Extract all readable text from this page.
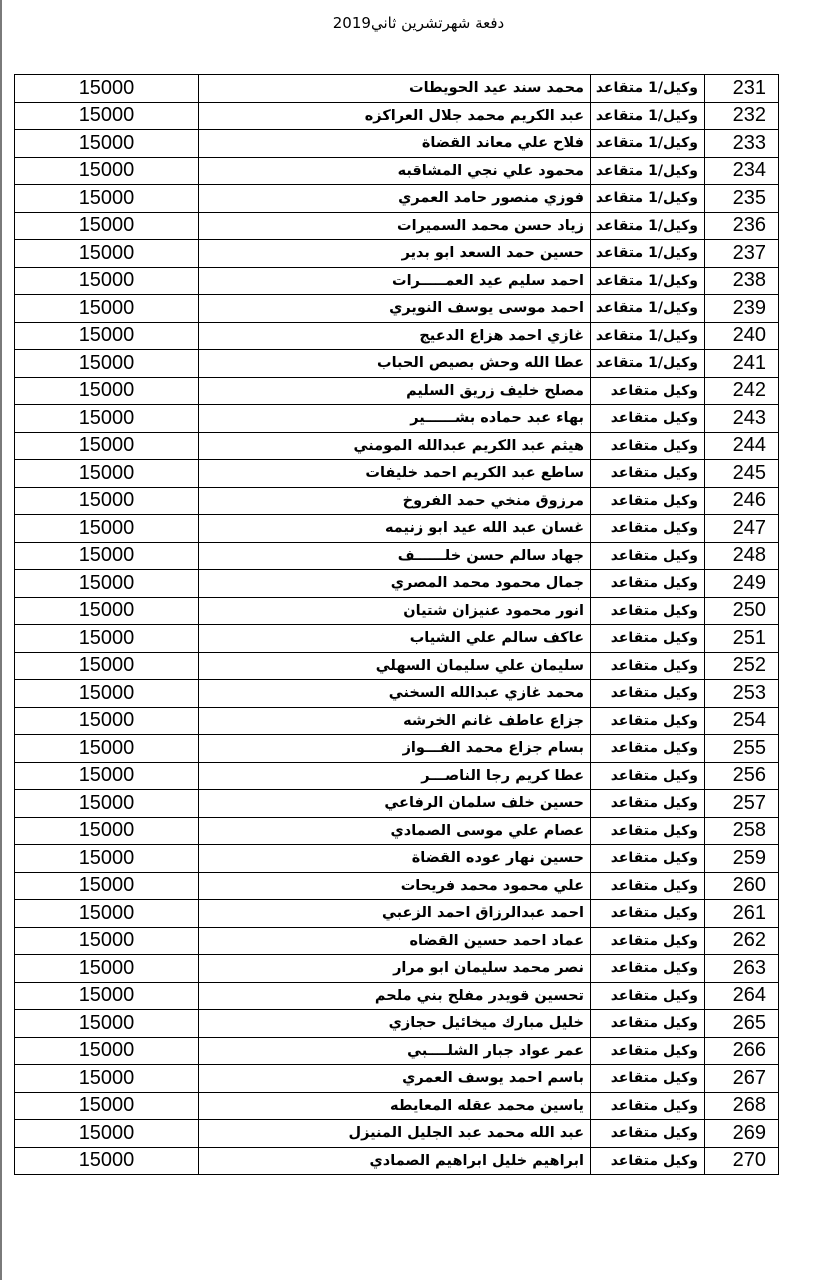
دفعة شهرتشرين ثاني2019
231	وكيل/1 متقاعد	محمد سند عيد الحويطات	15000
232	وكيل/1 متقاعد	عبد الكريم محمد جلال العراكزه	15000
233	وكيل/1 متقاعد	فلاح علي معاند القضاة	15000
234	وكيل/1 متقاعد	محمود علي نجي المشاقبه	15000
235	وكيل/1 متقاعد	فوزي منصور حامد العمري	15000
236	وكيل/1 متقاعد	زياد حسن محمد السميرات	15000
237	وكيل/1 متقاعد	حسين حمد السعد ابو بدير	15000
238	وكيل/1 متقاعد	احمد سليم عيد العمـــــرات	15000
239	وكيل/1 متقاعد	احمد موسى يوسف النويري	15000
240	وكيل/1 متقاعد	غازي احمد هزاع الدعيج	15000
241	وكيل/1 متقاعد	عطا الله وحش بصيص الحباب	15000
242	وكيل متقاعد	مصلح خليف زريق السليم	15000
243	وكيل متقاعد	بهاء عبد حماده بشــــــير	15000
244	وكيل متقاعد	هيثم عبد الكريم عبدالله المومني	15000
245	وكيل متقاعد	ساطع عبد الكريم احمد خليفات	15000
246	وكيل متقاعد	مرزوق منخي حمد الفروخ	15000
247	وكيل متقاعد	غسان عبد الله عيد ابو زنيمه	15000
248	وكيل متقاعد	جهاد سالم حسن خلــــــف	15000
249	وكيل متقاعد	جمال محمود محمد المصري	15000
250	وكيل متقاعد	انور محمود عنيزان شتيان	15000
251	وكيل متقاعد	عاكف سالم علي الشياب	15000
252	وكيل متقاعد	سليمان علي سليمان السهلي	15000
253	وكيل متقاعد	محمد غازي عبدالله السخني	15000
254	وكيل متقاعد	جزاع عاطف غانم الخرشه	15000
255	وكيل متقاعد	بسام جزاع محمد الفـــواز	15000
256	وكيل متقاعد	عطا كريم رجا الناصـــر	15000
257	وكيل متقاعد	حسين خلف سلمان الرفاعي	15000
258	وكيل متقاعد	عصام علي موسى الصمادي	15000
259	وكيل متقاعد	حسين نهار عوده القضاة	15000
260	وكيل متقاعد	علي محمود محمد فريحات	15000
261	وكيل متقاعد	احمد عبدالرزاق احمد الزعبي	15000
262	وكيل متقاعد	عماد احمد حسين القضاه	15000
263	وكيل متقاعد	نصر محمد سليمان ابو مرار	15000
264	وكيل متقاعد	تحسين قويدر مفلح بني ملحم	15000
265	وكيل متقاعد	خليل مبارك ميخائيل حجازي	15000
266	وكيل متقاعد	عمر عواد جبار الشلــــبي	15000
267	وكيل متقاعد	باسم احمد يوسف العمري	15000
268	وكيل متقاعد	ياسين محمد عقله المعايطه	15000
269	وكيل متقاعد	عبد الله محمد عبد الجليل المنيزل	15000
270	وكيل متقاعد	ابراهيم خليل ابراهيم الصمادي	15000
